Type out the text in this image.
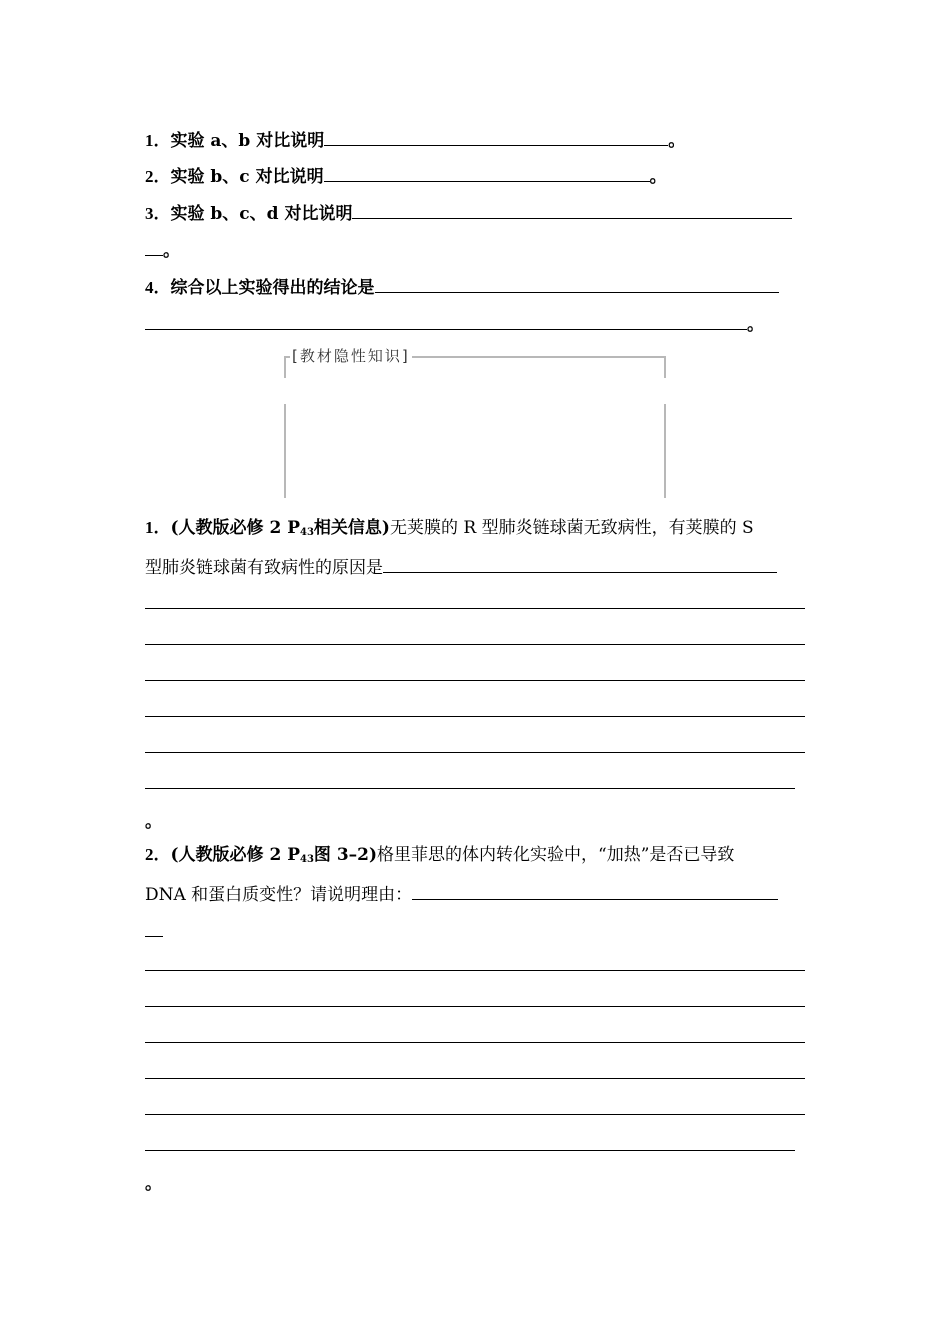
1．实验 a、b 对比说明	。
2．实验 b、c 对比说明	。
3．实验 b、c、d 对比说明
。
4．综合以上实验得出的结论是
。
[教材隐性知识]
1．(人教版必修 2 $P_{43}$相关信息)无荚膜的 R 型肺炎链球菌无致病性，有荚膜的 S
型肺炎链球菌有致病性的原因是
。
2．(人教版必修 2 $P_{43}$图 3–2)格里菲思的体内转化实验中，“加热”是否已导致
DNA 和蛋白质变性？请说明理由：
。
